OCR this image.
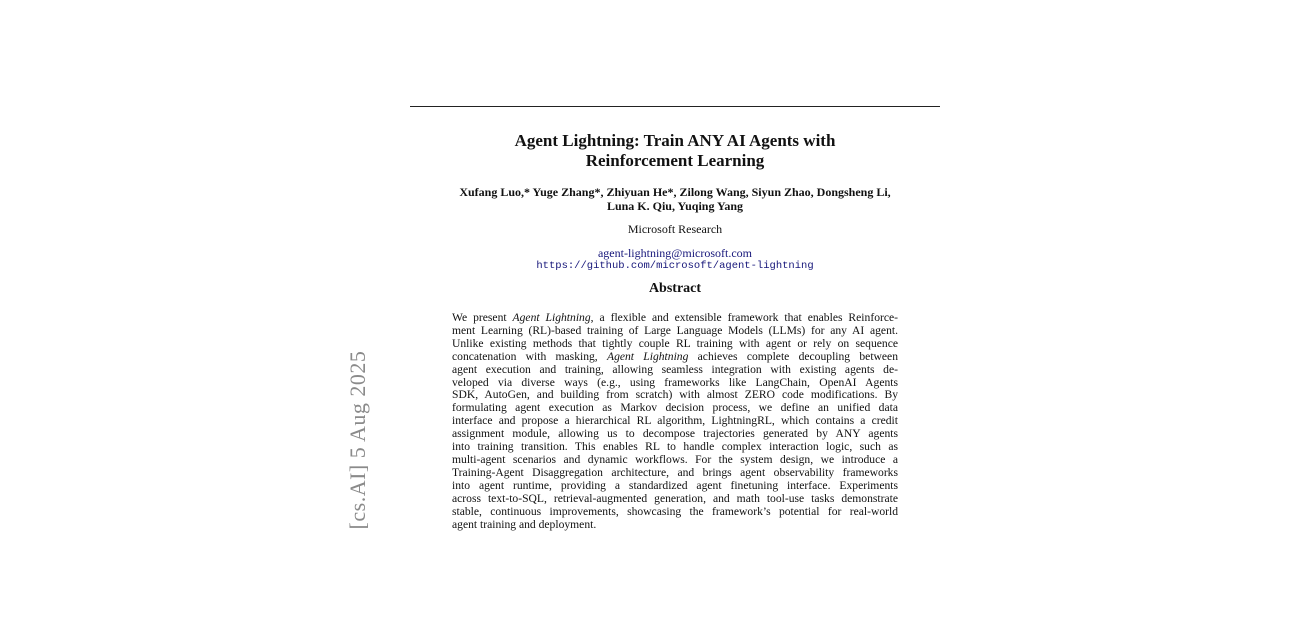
Agent Lightning: Train ANY AI Agents with
Reinforcement Learning
Xufang Luo,* Yuge Zhang*, Zhiyuan He*, Zilong Wang, Siyun Zhao, Dongsheng Li,
Luna K. Qiu, Yuqing Yang
Microsoft Research
agent-lightning@microsoft.com
https://github.com/microsoft/agent-lightning
Abstract
We present Agent Lightning, a flexible and extensible framework that enables Reinforce-
ment Learning (RL)-based training of Large Language Models (LLMs) for any AI agent.
Unlike existing methods that tightly couple RL training with agent or rely on sequence
concatenation with masking, Agent Lightning achieves complete decoupling between
agent execution and training, allowing seamless integration with existing agents de-
veloped via diverse ways (e.g., using frameworks like LangChain, OpenAI Agents
SDK, AutoGen, and building from scratch) with almost ZERO code modifications. By
formulating agent execution as Markov decision process, we define an unified data
interface and propose a hierarchical RL algorithm, LightningRL, which contains a credit
assignment module, allowing us to decompose trajectories generated by ANY agents
into training transition. This enables RL to handle complex interaction logic, such as
multi-agent scenarios and dynamic workflows. For the system design, we introduce a
Training-Agent Disaggregation architecture, and brings agent observability frameworks
into agent runtime, providing a standardized agent finetuning interface. Experiments
across text-to-SQL, retrieval-augmented generation, and math tool-use tasks demonstrate
stable, continuous improvements, showcasing the framework’s potential for real-world
agent training and deployment.
[cs.AI] 5 Aug 2025
